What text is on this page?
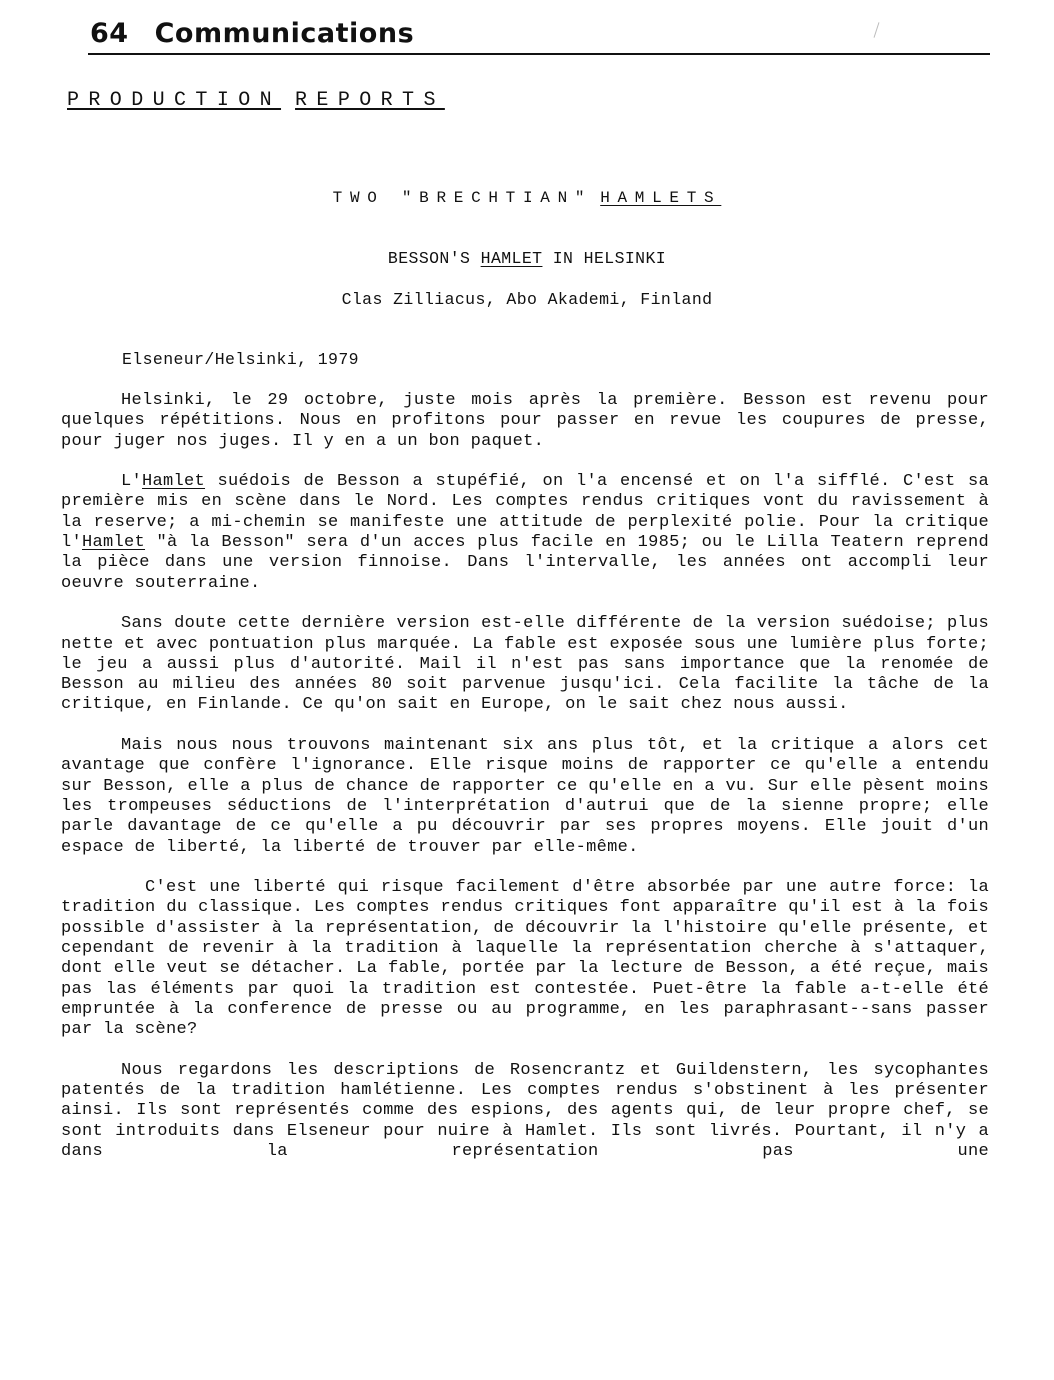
64 Communications
PRODUCTION REPORTS
TWO "BRECHTIAN" HAMLETS
BESSON'S HAMLET IN HELSINKI
Clas Zilliacus, Abo Akademi, Finland
Elseneur/Helsinki, 1979

Helsinki, le 29 octobre, juste mois après la première. Besson est revenu pour quelques répétitions. Nous en profitons pour passer en revue les coupures de presse, pour juger nos juges. Il y en a un bon paquet.

L'Hamlet suédois de Besson a stupéfié, on l'a encensé et on l'a sifflé. C'est sa première mis en scène dans le Nord. Les comptes rendus critiques vont du ravissement à la reserve; a mi-chemin se manifeste une attitude de perplexité polie. Pour la critique l'Hamlet "à la Besson" sera d'un acces plus facile en 1985; ou le Lilla Teatern reprend la pièce dans une version finnoise. Dans l'intervalle, les années ont accompli leur oeuvre souterraine.

Sans doute cette dernière version est-elle différente de la version suédoise; plus nette et avec pontuation plus marquée. La fable est exposée sous une lumière plus forte; le jeu a aussi plus d'autorité. Mail il n'est pas sans importance que la renomée de Besson au milieu des années 80 soit parvenue jusqu'ici. Cela facilite la tâche de la critique, en Finlande. Ce qu'on sait en Europe, on le sait chez nous aussi.

Mais nous nous trouvons maintenant six ans plus tôt, et la critique a alors cet avantage que confère l'ignorance. Elle risque moins de rapporter ce qu'elle a entendu sur Besson, elle a plus de chance de rapporter ce qu'elle en a vu. Sur elle pèsent moins les trompeuses séductions de l'interprétation d'autrui que de la sienne propre; elle parle davantage de ce qu'elle a pu découvrir par ses propres moyens. Elle jouit d'un espace de liberté, la liberté de trouver par elle-même.

C'est une liberté qui risque facilement d'être absorbée par une autre force: la tradition du classique. Les comptes rendus critiques font apparaître qu'il est à la fois possible d'assister à la représentation, de découvrir la l'histoire qu'elle présente, et cependant de revenir à la tradition à laquelle la représentation cherche à s'attaquer, dont elle veut se détacher. La fable, portée par la lecture de Besson, a été reçue, mais pas las éléments par quoi la tradition est contestée. Puet-être la fable a-t-elle été empruntée à la conference de presse ou au programme, en les paraphrasant--sans passer par la scène?

Nous regardons les descriptions de Rosencrantz et Guildenstern, les sycophantes patentés de la tradition hamlétienne. Les comptes rendus s'obstinent à les présenter ainsi. Ils sont représentés comme des espions, des agents qui, de leur propre chef, se sont introduits dans Elseneur pour nuire à Hamlet. Ils sont livrés. Pourtant, il n'y a dans la représentation pas une
